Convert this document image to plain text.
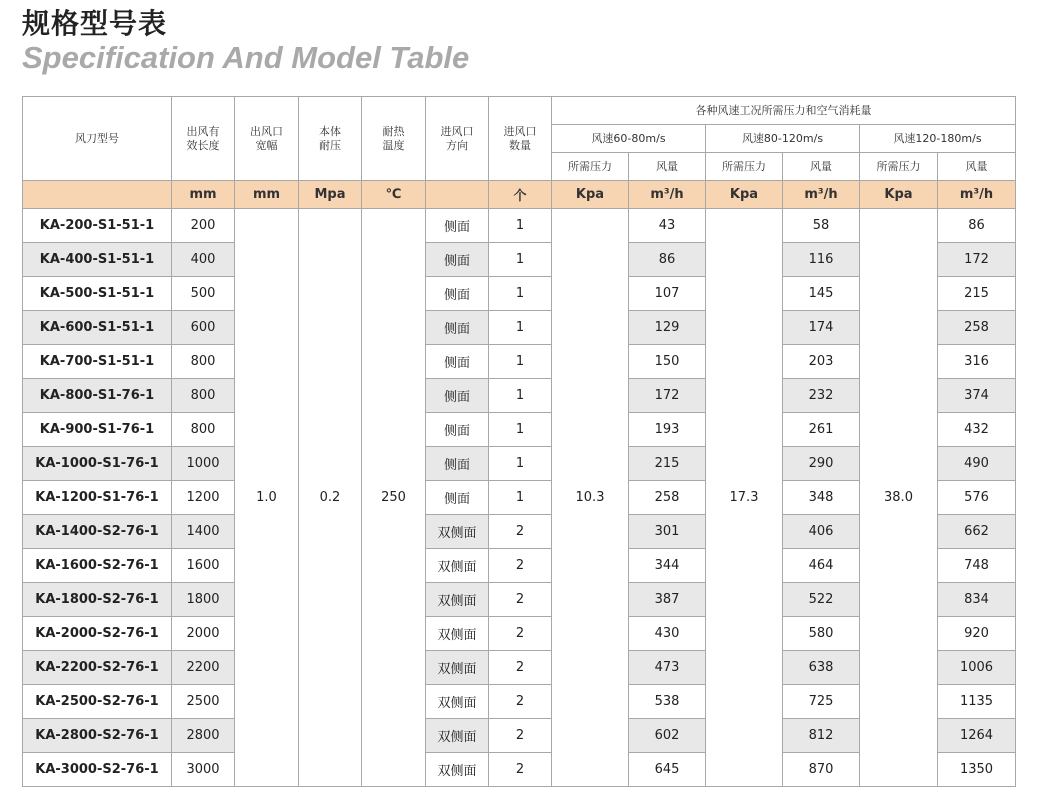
规格型号表
Specification And Model Table
风刀型号	出风有效长度	出风口宽幅	本体耐压	耐热温度	进风口方向	进风口数量	各种风速工况所需压力和空气消耗量					
							风速60-80m/s		风速80-120m/s		风速120-180m/s	
							所需压力	风量	所需压力	风量	所需压力	风量
	mm	mm	Mpa	℃		个	Kpa	m³/h	Kpa	m³/h	Kpa	m³/h
KA-200-S1-51-1	200	1.0	0.2	250	侧面	1	10.3	43	17.3	58	38.0	86
KA-400-S1-51-1	400				侧面	1		86		116		172
KA-500-S1-51-1	500				侧面	1		107		145		215
KA-600-S1-51-1	600				侧面	1		129		174		258
KA-700-S1-51-1	800				侧面	1		150		203		316
KA-800-S1-76-1	800				侧面	1		172		232		374
KA-900-S1-76-1	800				侧面	1		193		261		432
KA-1000-S1-76-1	1000				侧面	1		215		290		490
KA-1200-S1-76-1	1200				侧面	1		258		348		576
KA-1400-S2-76-1	1400				双侧面	2		301		406		662
KA-1600-S2-76-1	1600				双侧面	2		344		464		748
KA-1800-S2-76-1	1800				双侧面	2		387		522		834
KA-2000-S2-76-1	2000				双侧面	2		430		580		920
KA-2200-S2-76-1	2200				双侧面	2		473		638		1006
KA-2500-S2-76-1	2500				双侧面	2		538		725		1135
KA-2800-S2-76-1	2800				双侧面	2		602		812		1264
KA-3000-S2-76-1	3000				双侧面	2		645		870		1350
